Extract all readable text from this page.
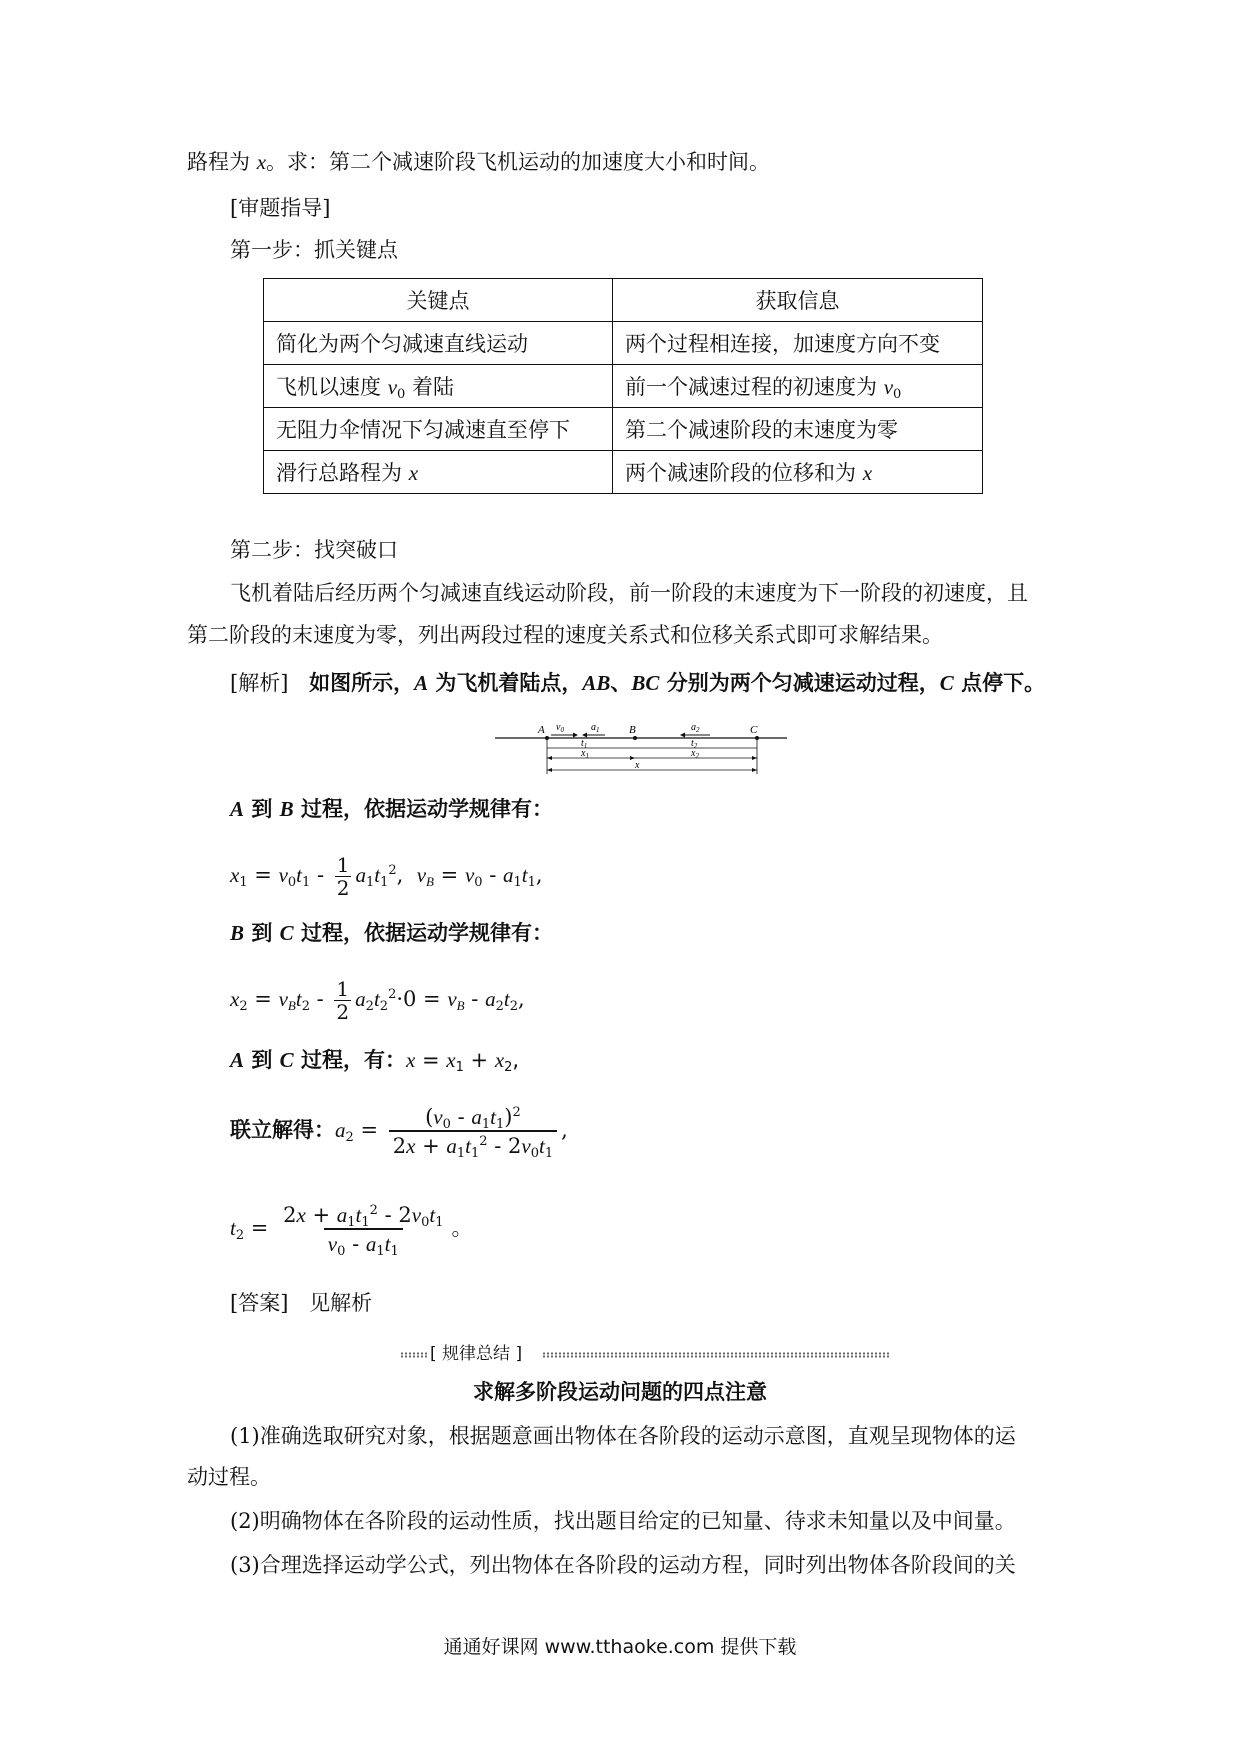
路程为 x。求：第二个减速阶段飞机运动的加速度大小和时间。
[审题指导]
第一步：抓关键点
关键点	获取信息
简化为两个匀减速直线运动	两个过程相连接，加速度方向不变
飞机以速度 $v_0$ 着陆	前一个减速过程的初速度为 $v_0$
无阻力伞情况下匀减速直至停下	第二个减速阶段的末速度为零
滑行总路程为 x	两个减速阶段的位移和为 x
第二步：找突破口
飞机着陆后经历两个匀减速直线运动阶段，前一阶段的末速度为下一阶段的初速度，且
第二阶段的末速度为零，列出两段过程的速度关系式和位移关系式即可求解结果。
[解析] 如图所示，A 为飞机着陆点，AB、BC 分别为两个匀减速运动过程，C 点停下。
A	B	C
$v_0$	$a_1$	$a_2$
$t_1$	$t_2$
$x_1$	$x_2$
x
A 到 B 过程，依据运动学规律有：
$x_1 = v_0t_1 - \frac{1}{2} a_1t_1^2$,  $v_B = v_0 - a_1t_1$,
B 到 C 过程，依据运动学规律有：
$x_2 = v_Bt_2 - \frac{1}{2} a_2t_2^2\cdot 0 = v_B - a_2t_2$,
A 到 C 过程，有：$x = x_1 + x_2$,
联立解得：$a_2 = \frac{(v_0 - a_1t_1)^2}{2x + a_1t_1^2 - 2v_0t_1}$ ,
$t_2 = \frac{2x + a_1t_1^2 - 2v_0t_1}{v_0 - a_1t_1}$ 。
[答案] 见解析
[ 规律总结 ]
求解多阶段运动问题的四点注意
(1)准确选取研究对象，根据题意画出物体在各阶段的运动示意图，直观呈现物体的运
动过程。
(2)明确物体在各阶段的运动性质，找出题目给定的已知量、待求未知量以及中间量。
(3)合理选择运动学公式，列出物体在各阶段的运动方程，同时列出物体各阶段间的关
通通好课网 www.tthaoke.com 提供下载
